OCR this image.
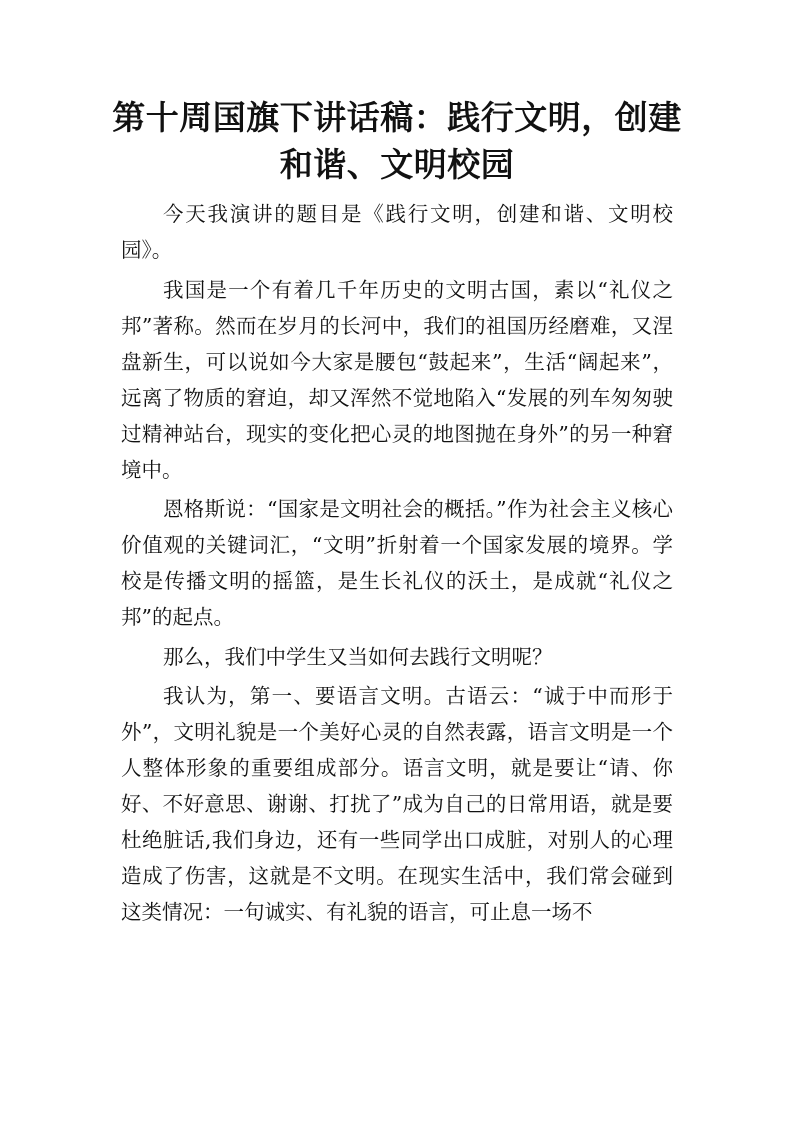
第十周国旗下讲话稿：践行文明，创建和谐、文明校园

今天我演讲的题目是《践行文明，创建和谐、文明校园》。

我国是一个有着几千年历史的文明古国，素以“礼仪之邦”著称。然而在岁月的长河中，我们的祖国历经磨难，又涅盘新生，可以说如今大家是腰包“鼓起来”，生活“阔起来”，远离了物质的窘迫，却又浑然不觉地陷入“发展的列车匆匆驶过精神站台，现实的变化把心灵的地图抛在身外”的另一种窘境中。

恩格斯说：“国家是文明社会的概括。”作为社会主义核心价值观的关键词汇，“文明”折射着一个国家发展的境界。学校是传播文明的摇篮，是生长礼仪的沃土，是成就“礼仪之邦”的起点。

那么，我们中学生又当如何去践行文明呢？

我认为，第一、要语言文明。古语云：“诚于中而形于外”，文明礼貌是一个美好心灵的自然表露，语言文明是一个人整体形象的重要组成部分。语言文明，就是要让“请、你好、不好意思、谢谢、打扰了”成为自己的日常用语，就是要杜绝脏话,我们身边，还有一些同学出口成脏，对别人的心理造成了伤害，这就是不文明。在现实生活中，我们常会碰到这类情况：一句诚实、有礼貌的语言，可止息一场不
